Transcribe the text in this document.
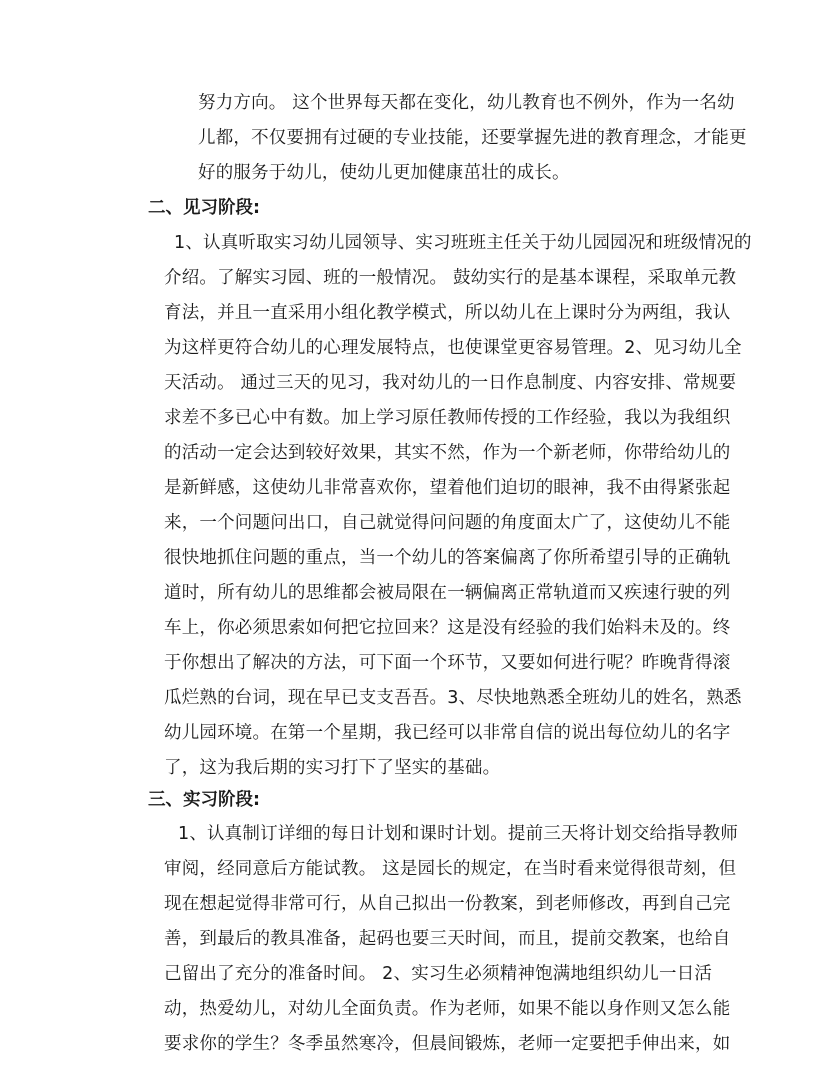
努力方向。 这个世界每天都在变化，幼儿教育也不例外，作为一名幼
儿都，不仅要拥有过硬的专业技能，还要掌握先进的教育理念，才能更
好的服务于幼儿，使幼儿更加健康茁壮的成长。
二、见习阶段:
1、认真听取实习幼儿园领导、实习班班主任关于幼儿园园况和班级情况的
介绍。了解实习园、班的一般情况。 鼓幼实行的是基本课程，采取单元教
育法，并且一直采用小组化教学模式，所以幼儿在上课时分为两组，我认
为这样更符合幼儿的心理发展特点，也使课堂更容易管理。2、见习幼儿全
天活动。 通过三天的见习，我对幼儿的一日作息制度、内容安排、常规要
求差不多已心中有数。加上学习原任教师传授的工作经验，我以为我组织
的活动一定会达到较好效果，其实不然，作为一个新老师，你带给幼儿的
是新鲜感，这使幼儿非常喜欢你，望着他们迫切的眼神，我不由得紧张起
来，一个问题问出口，自己就觉得问问题的角度面太广了，这使幼儿不能
很快地抓住问题的重点，当一个幼儿的答案偏离了你所希望引导的正确轨
道时，所有幼儿的思维都会被局限在一辆偏离正常轨道而又疾速行驶的列
车上，你必须思索如何把它拉回来？这是没有经验的我们始料未及的。终
于你想出了解决的方法，可下面一个环节，又要如何进行呢？昨晚背得滚
瓜烂熟的台词，现在早已支支吾吾。3、尽快地熟悉全班幼儿的姓名，熟悉
幼儿园环境。在第一个星期，我已经可以非常自信的说出每位幼儿的名字
了，这为我后期的实习打下了坚实的基础。
三、实习阶段:
1、认真制订详细的每日计划和课时计划。提前三天将计划交给指导教师
审阅，经同意后方能试教。 这是园长的规定，在当时看来觉得很苛刻，但
现在想起觉得非常可行，从自己拟出一份教案，到老师修改，再到自己完
善，到最后的教具准备，起码也要三天时间，而且，提前交教案，也给自
己留出了充分的准备时间。 2、实习生必须精神饱满地组织幼儿一日活
动，热爱幼儿，对幼儿全面负责。作为老师，如果不能以身作则又怎么能
要求你的学生？冬季虽然寒冷，但晨间锻炼，老师一定要把手伸出来，如
